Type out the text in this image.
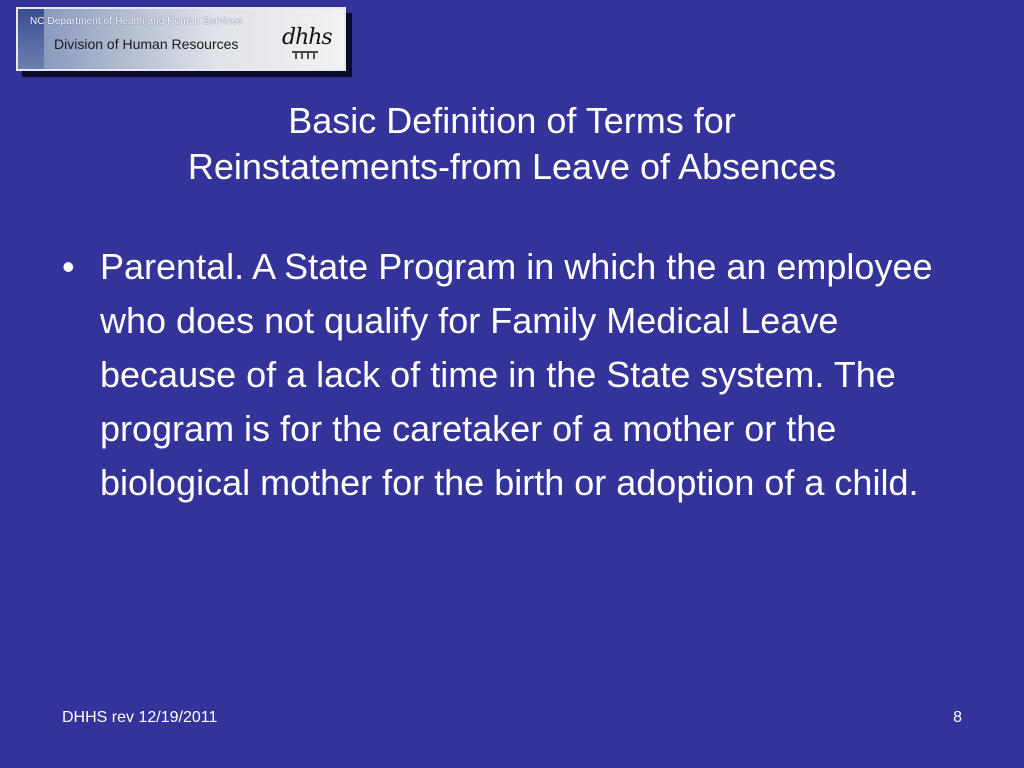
NC Department of Health and Human Services
Division of Human Resources dhhs
Basic Definition of Terms for
Reinstatements-from Leave of Absences
• Parental. A State Program in which the an employee who does not qualify for Family Medical Leave because of a lack of time in the State system. The program is for the caretaker of a mother or the biological mother for the birth or adoption of a child.
DHHS rev 12/19/2011	8
